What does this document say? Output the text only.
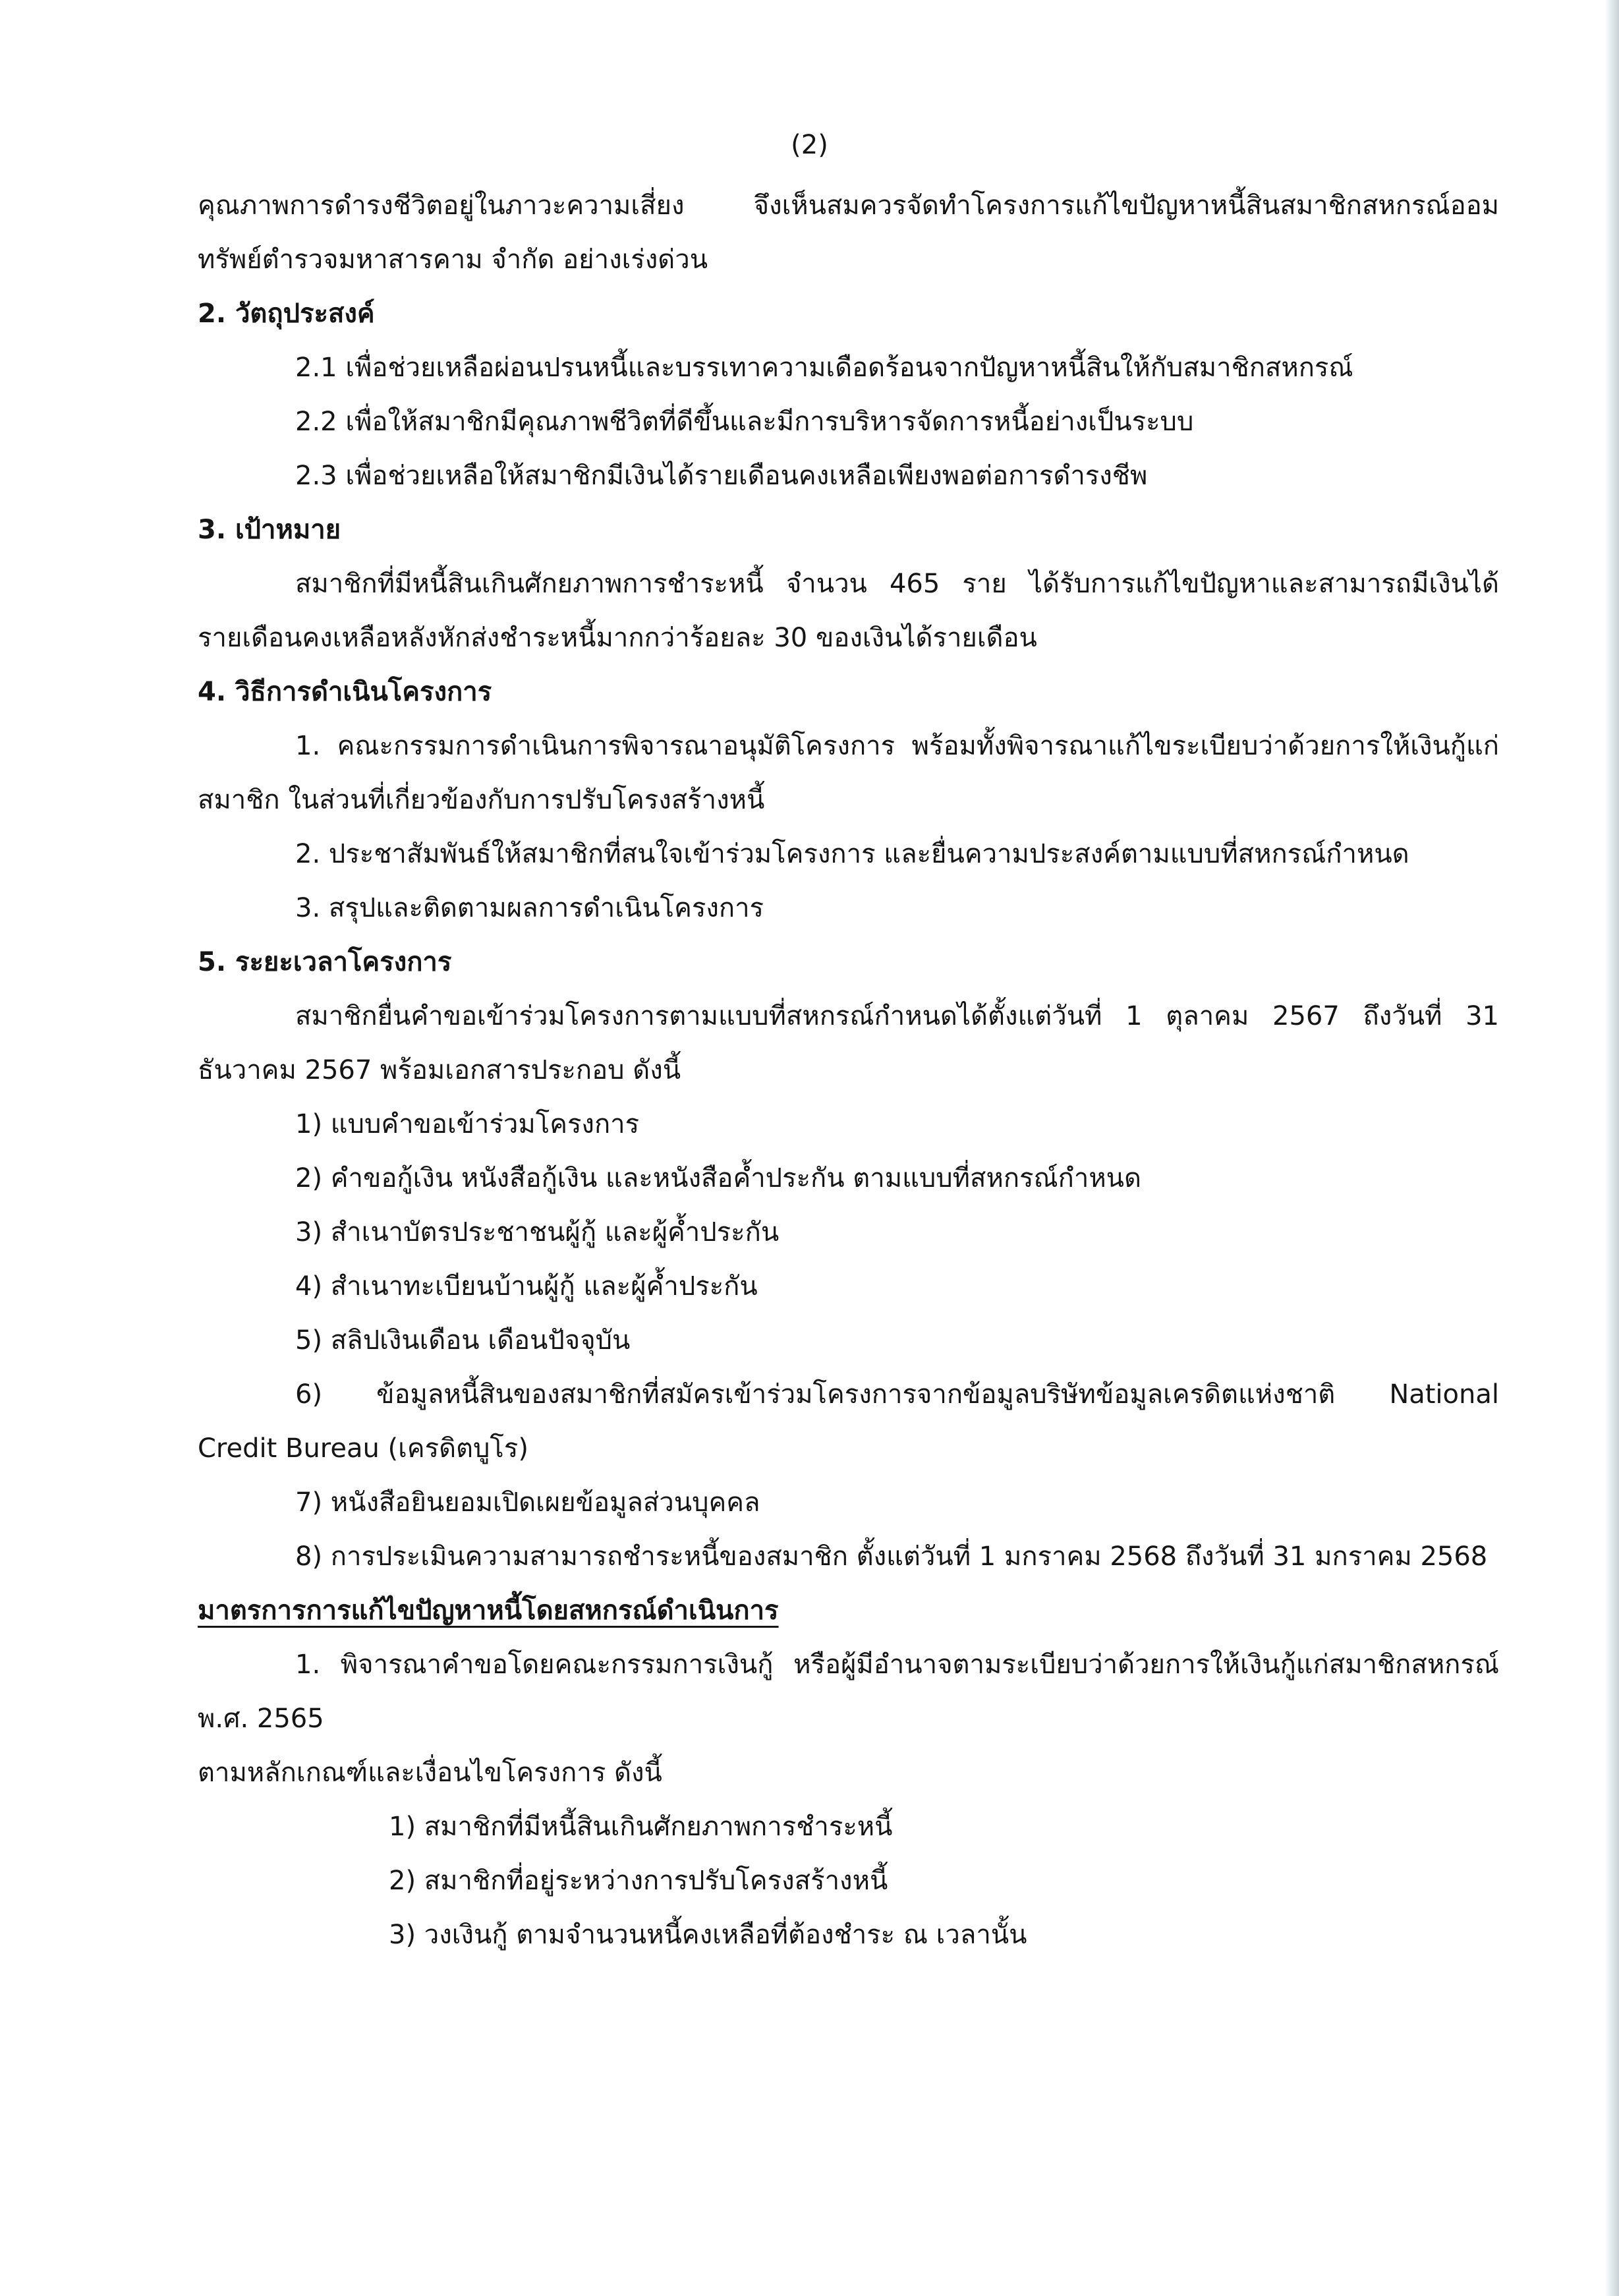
(2)
คุณภาพการดำรงชีวิตอยู่ในภาวะความเสี่ยง จึงเห็นสมควรจัดทำโครงการแก้ไขปัญหาหนี้สินสมาชิกสหกรณ์ออม
ทรัพย์ตำรวจมหาสารคาม จำกัด อย่างเร่งด่วน
2. วัตถุประสงค์
2.1 เพื่อช่วยเหลือผ่อนปรนหนี้และบรรเทาความเดือดร้อนจากปัญหาหนี้สินให้กับสมาชิกสหกรณ์
2.2 เพื่อให้สมาชิกมีคุณภาพชีวิตที่ดีขึ้นและมีการบริหารจัดการหนี้อย่างเป็นระบบ
2.3 เพื่อช่วยเหลือให้สมาชิกมีเงินได้รายเดือนคงเหลือเพียงพอต่อการดำรงชีพ
3. เป้าหมาย
สมาชิกที่มีหนี้สินเกินศักยภาพการชำระหนี้ จำนวน 465 ราย ได้รับการแก้ไขปัญหาและสามารถมีเงินได้
รายเดือนคงเหลือหลังหักส่งชำระหนี้มากกว่าร้อยละ 30 ของเงินได้รายเดือน
4. วิธีการดำเนินโครงการ
1. คณะกรรมการดำเนินการพิจารณาอนุมัติโครงการ พร้อมทั้งพิจารณาแก้ไขระเบียบว่าด้วยการให้เงินกู้แก่
สมาชิก ในส่วนที่เกี่ยวข้องกับการปรับโครงสร้างหนี้
2. ประชาสัมพันธ์ให้สมาชิกที่สนใจเข้าร่วมโครงการ และยื่นความประสงค์ตามแบบที่สหกรณ์กำหนด
3. สรุปและติดตามผลการดำเนินโครงการ
5. ระยะเวลาโครงการ
สมาชิกยื่นคำขอเข้าร่วมโครงการตามแบบที่สหกรณ์กำหนดได้ตั้งแต่วันที่ 1 ตุลาคม 2567 ถึงวันที่ 31
ธันวาคม 2567 พร้อมเอกสารประกอบ ดังนี้
1) แบบคำขอเข้าร่วมโครงการ
2) คำขอกู้เงิน หนังสือกู้เงิน และหนังสือค้ำประกัน ตามแบบที่สหกรณ์กำหนด
3) สำเนาบัตรประชาชนผู้กู้ และผู้ค้ำประกัน
4) สำเนาทะเบียนบ้านผู้กู้ และผู้ค้ำประกัน
5) สลิปเงินเดือน เดือนปัจจุบัน
6) ข้อมูลหนี้สินของสมาชิกที่สมัครเข้าร่วมโครงการจากข้อมูลบริษัทข้อมูลเครดิตแห่งชาติ National
Credit Bureau (เครดิตบูโร)
7) หนังสือยินยอมเปิดเผยข้อมูลส่วนบุคคล
8) การประเมินความสามารถชำระหนี้ของสมาชิก ตั้งแต่วันที่ 1 มกราคม 2568 ถึงวันที่ 31 มกราคม 2568
มาตรการการแก้ไขปัญหาหนี้โดยสหกรณ์ดำเนินการ
1. พิจารณาคำขอโดยคณะกรรมการเงินกู้ หรือผู้มีอำนาจตามระเบียบว่าด้วยการให้เงินกู้แก่สมาชิกสหกรณ์
พ.ศ. 2565
ตามหลักเกณฑ์และเงื่อนไขโครงการ ดังนี้
1) สมาชิกที่มีหนี้สินเกินศักยภาพการชำระหนี้
2) สมาชิกที่อยู่ระหว่างการปรับโครงสร้างหนี้
3) วงเงินกู้ ตามจำนวนหนี้คงเหลือที่ต้องชำระ ณ เวลานั้น
